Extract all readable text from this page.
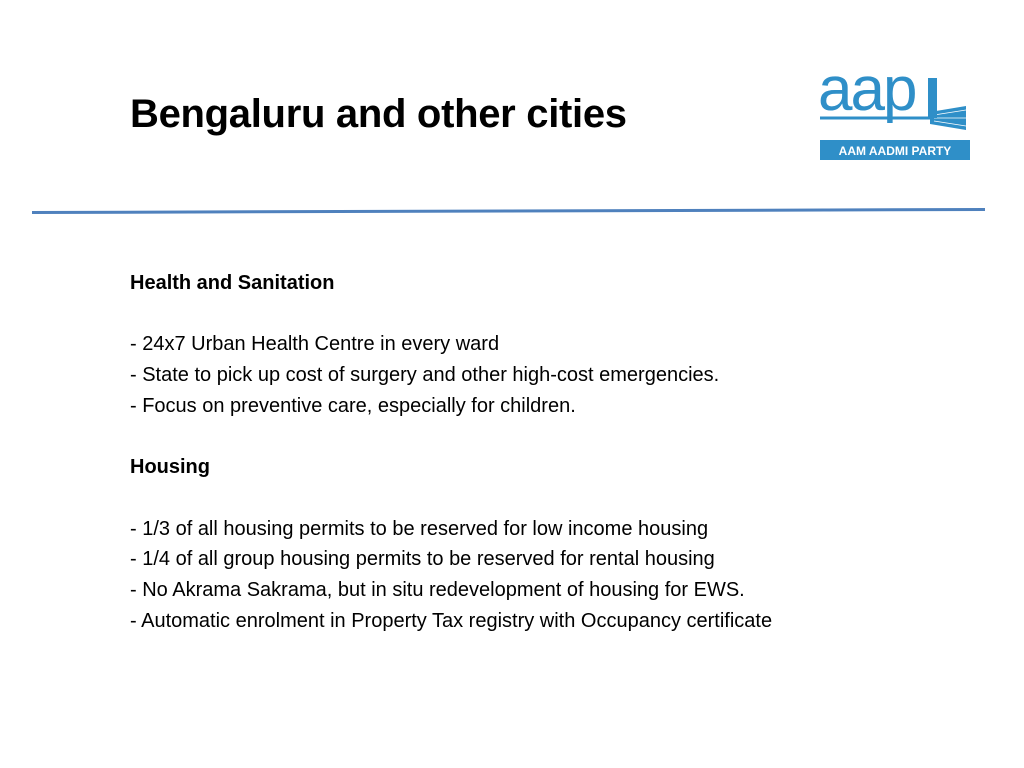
Bengaluru and other cities	aap
AAM AADMI PARTY

Health and Sanitation

- 24x7 Urban Health Centre in every ward

- State to pick up cost of surgery and other high-cost emergencies.

- Focus on preventive care, especially for children.

Housing

- 1/3 of all housing permits to be reserved for low income housing

- 1/4 of all group housing permits to be reserved for rental housing

- No Akrama Sakrama, but in situ redevelopment of housing for EWS.

- Automatic enrolment in Property Tax registry with Occupancy certificate
